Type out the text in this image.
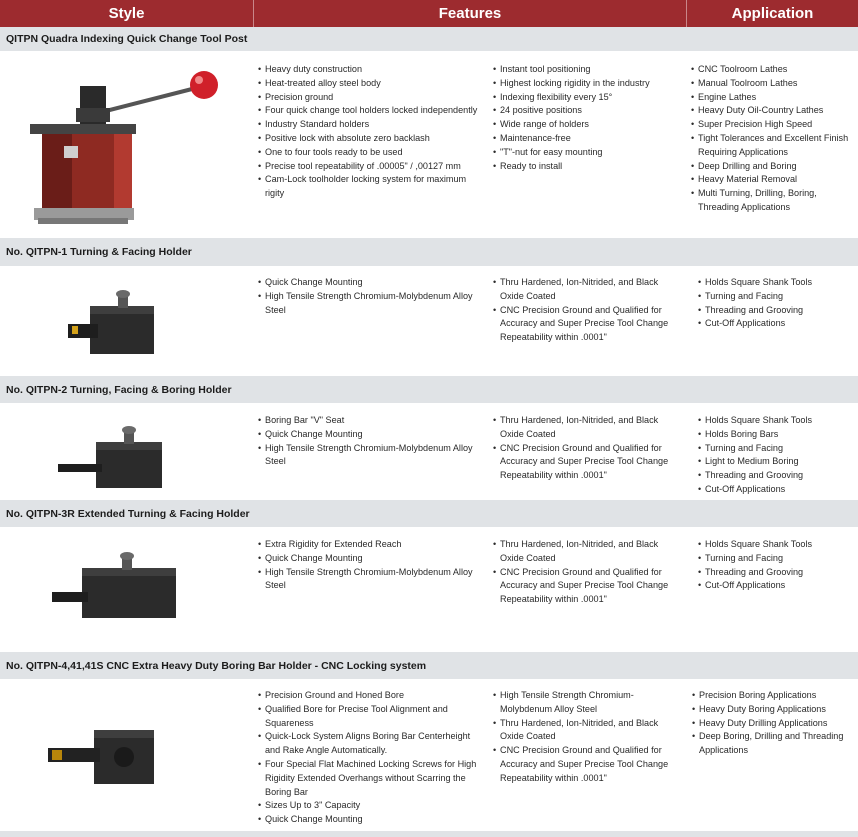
Style	Features	Application
QITPN Quadra Indexing Quick Change Tool Post
• Heavy duty construction
• Heat-treated alloy steel body
• Precision ground
• Four quick change tool holders locked independently
• Industry Standard holders
• Positive lock with absolute zero backlash
• One to four tools ready to be used
• Precise tool repeatability of .00005" / ,00127 mm
• Cam-Lock toolholder locking system for maximum rigity
• Instant tool positioning
• Highest locking rigidity in the industry
• Indexing flexibility every 15°
• 24 positive positions
• Wide range of holders
• Maintenance-free
• "T"-nut for easy mounting
• Ready to install
• CNC Toolroom Lathes
• Manual Toolroom Lathes
• Engine Lathes
• Heavy Duty Oil-Country Lathes
• Super Precision High Speed
• Tight Tolerances and Excellent Finish Requiring Applications
• Deep Drilling and Boring
• Heavy Material Removal
• Multi Turning, Drilling, Boring, Threading Applications
No. QITPN-1 Turning & Facing Holder
• Quick Change Mounting
• High Tensile Strength Chromium-Molybdenum Alloy Steel
• Thru Hardened, Ion-Nitrided, and Black Oxide Coated
• CNC Precision Ground and Qualified for Accuracy and Super Precise Tool Change Repeatability within .0001"
• Holds Square Shank Tools
• Turning and Facing
• Threading and Grooving
• Cut-Off Applications
No. QITPN-2 Turning, Facing & Boring Holder
• Boring Bar "V" Seat
• Quick Change Mounting
• High Tensile Strength Chromium-Molybdenum Alloy Steel
• Thru Hardened, Ion-Nitrided, and Black Oxide Coated
• CNC Precision Ground and Qualified for Accuracy and Super Precise Tool Change Repeatability within .0001"
• Holds Square Shank Tools
• Holds Boring Bars
• Turning and Facing
• Light to Medium Boring
• Threading and Grooving
• Cut-Off Applications
No. QITPN-3R Extended Turning & Facing Holder
• Extra Rigidity for Extended Reach
• Quick Change Mounting
• High Tensile Strength Chromium-Molybdenum Alloy Steel
• Thru Hardened, Ion-Nitrided, and Black Oxide Coated
• CNC Precision Ground and Qualified for Accuracy and Super Precise Tool Change Repeatability within .0001"
• Holds Square Shank Tools
• Turning and Facing
• Threading and Grooving
• Cut-Off Applications
No. QITPN-4,41,41S CNC Extra Heavy Duty Boring Bar Holder - CNC Locking system
• Precision Ground and Honed Bore
• Qualified Bore for Precise Tool Alignment and Squareness
• Quick-Lock System Aligns Boring Bar Centerheight and Rake Angle Automatically.
• Four Special Flat Machined Locking Screws for High Rigidity Extended Overhangs without Scarring the Boring Bar
• Sizes Up to 3" Capacity
• Quick Change Mounting
• High Tensile Strength Chromium-Molybdenum Alloy Steel
• Thru Hardened, Ion-Nitrided, and Black Oxide Coated
• CNC Precision Ground and Qualified for Accuracy and Super Precise Tool Change Repeatability within .0001"
• Precision Boring Applications
• Heavy Duty Boring Applications
• Heavy Duty Drilling Applications
• Deep Boring, Drilling and Threading Applications
